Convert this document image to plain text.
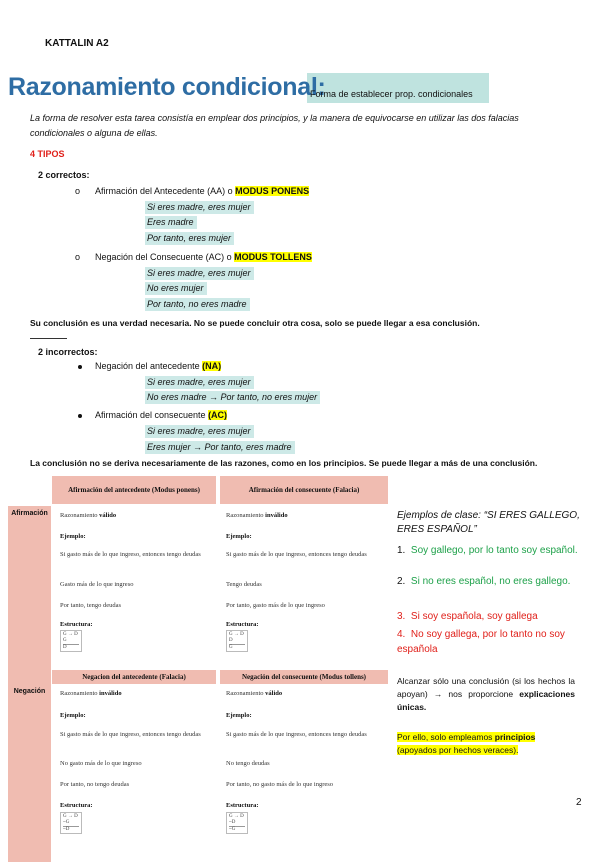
KATTALIN A2
Razonamiento condicional:
Forma de establecer prop. condicionales
La forma de resolver esta tarea consistía en emplear dos principios, y la manera de equivocarse en utilizar las dos falacias condicionales o alguna de ellas.
4 TIPOS
2 correctos:
o Afirmación del Antecedente (AA) o MODUS PONENS
Si eres madre, eres mujer
Eres madre
Por tanto, eres mujer
o Negación del Consecuente (AC) o MODUS TOLLENS
Si eres madre, eres mujer
No eres mujer
Por tanto, no eres madre
Su conclusión es una verdad necesaria. No se puede concluir otra cosa, solo se puede llegar a esa conclusión.
2 incorrectos:
Negación del antecedente (NA)
Si eres madre, eres mujer
No eres madre → Por tanto, no eres mujer
Afirmación del consecuente (AC)
Si eres madre, eres mujer
Eres mujer → Por tanto, eres madre
La conclusión no se deriva necesariamente de las razones, como en los principios. Se puede llegar a más de una conclusión.
Afirmación
Negación
Afirmación del antecedente (Modus ponens)	Afirmación del consecuente (Falacia)
Negacion del antecedente (Falacia)	Negación del consecuente (Modus tollens)
Razonamiento válido
Ejemplo:
Si gasto más de lo que ingreso, entonces tengo deudas
Gasto más de lo que ingreso
Por tanto, tengo deudas
Estructura:
G → D
G
D
Razonamiento inválido
Ejemplo:
Si gasto más de lo que ingreso, entonces tengo deudas
Tengo deudas
Por tanto, gasto más de lo que ingreso
Estructura:
G → D
D
G
Razonamiento inválido
Ejemplo:
Si gasto más de lo que ingreso, entonces tengo deudas
No gasto más de lo que ingreso
Por tanto, no tengo deudas
Estructura:
G → D
~G
~D
Razonamiento válido
Ejemplo:
Si gasto más de lo que ingreso, entonces tengo deudas
No tengo deudas
Por tanto, no gasto más de lo que ingreso
Estructura:
G → D
~D
~G
Ejemplos de clase: “SI ERES GALLEGO, ERES ESPAÑOL”
1. Soy gallego, por lo tanto soy español.
2. Si no eres español, no eres gallego.
3. Si soy española, soy gallega
4. No soy gallega, por lo tanto no soy española
Alcanzar sólo una conclusión (si los hechos la apoyan) → nos proporcione explicaciones únicas.
Por ello, solo empleamos principios (apoyados por hechos veraces).
2
